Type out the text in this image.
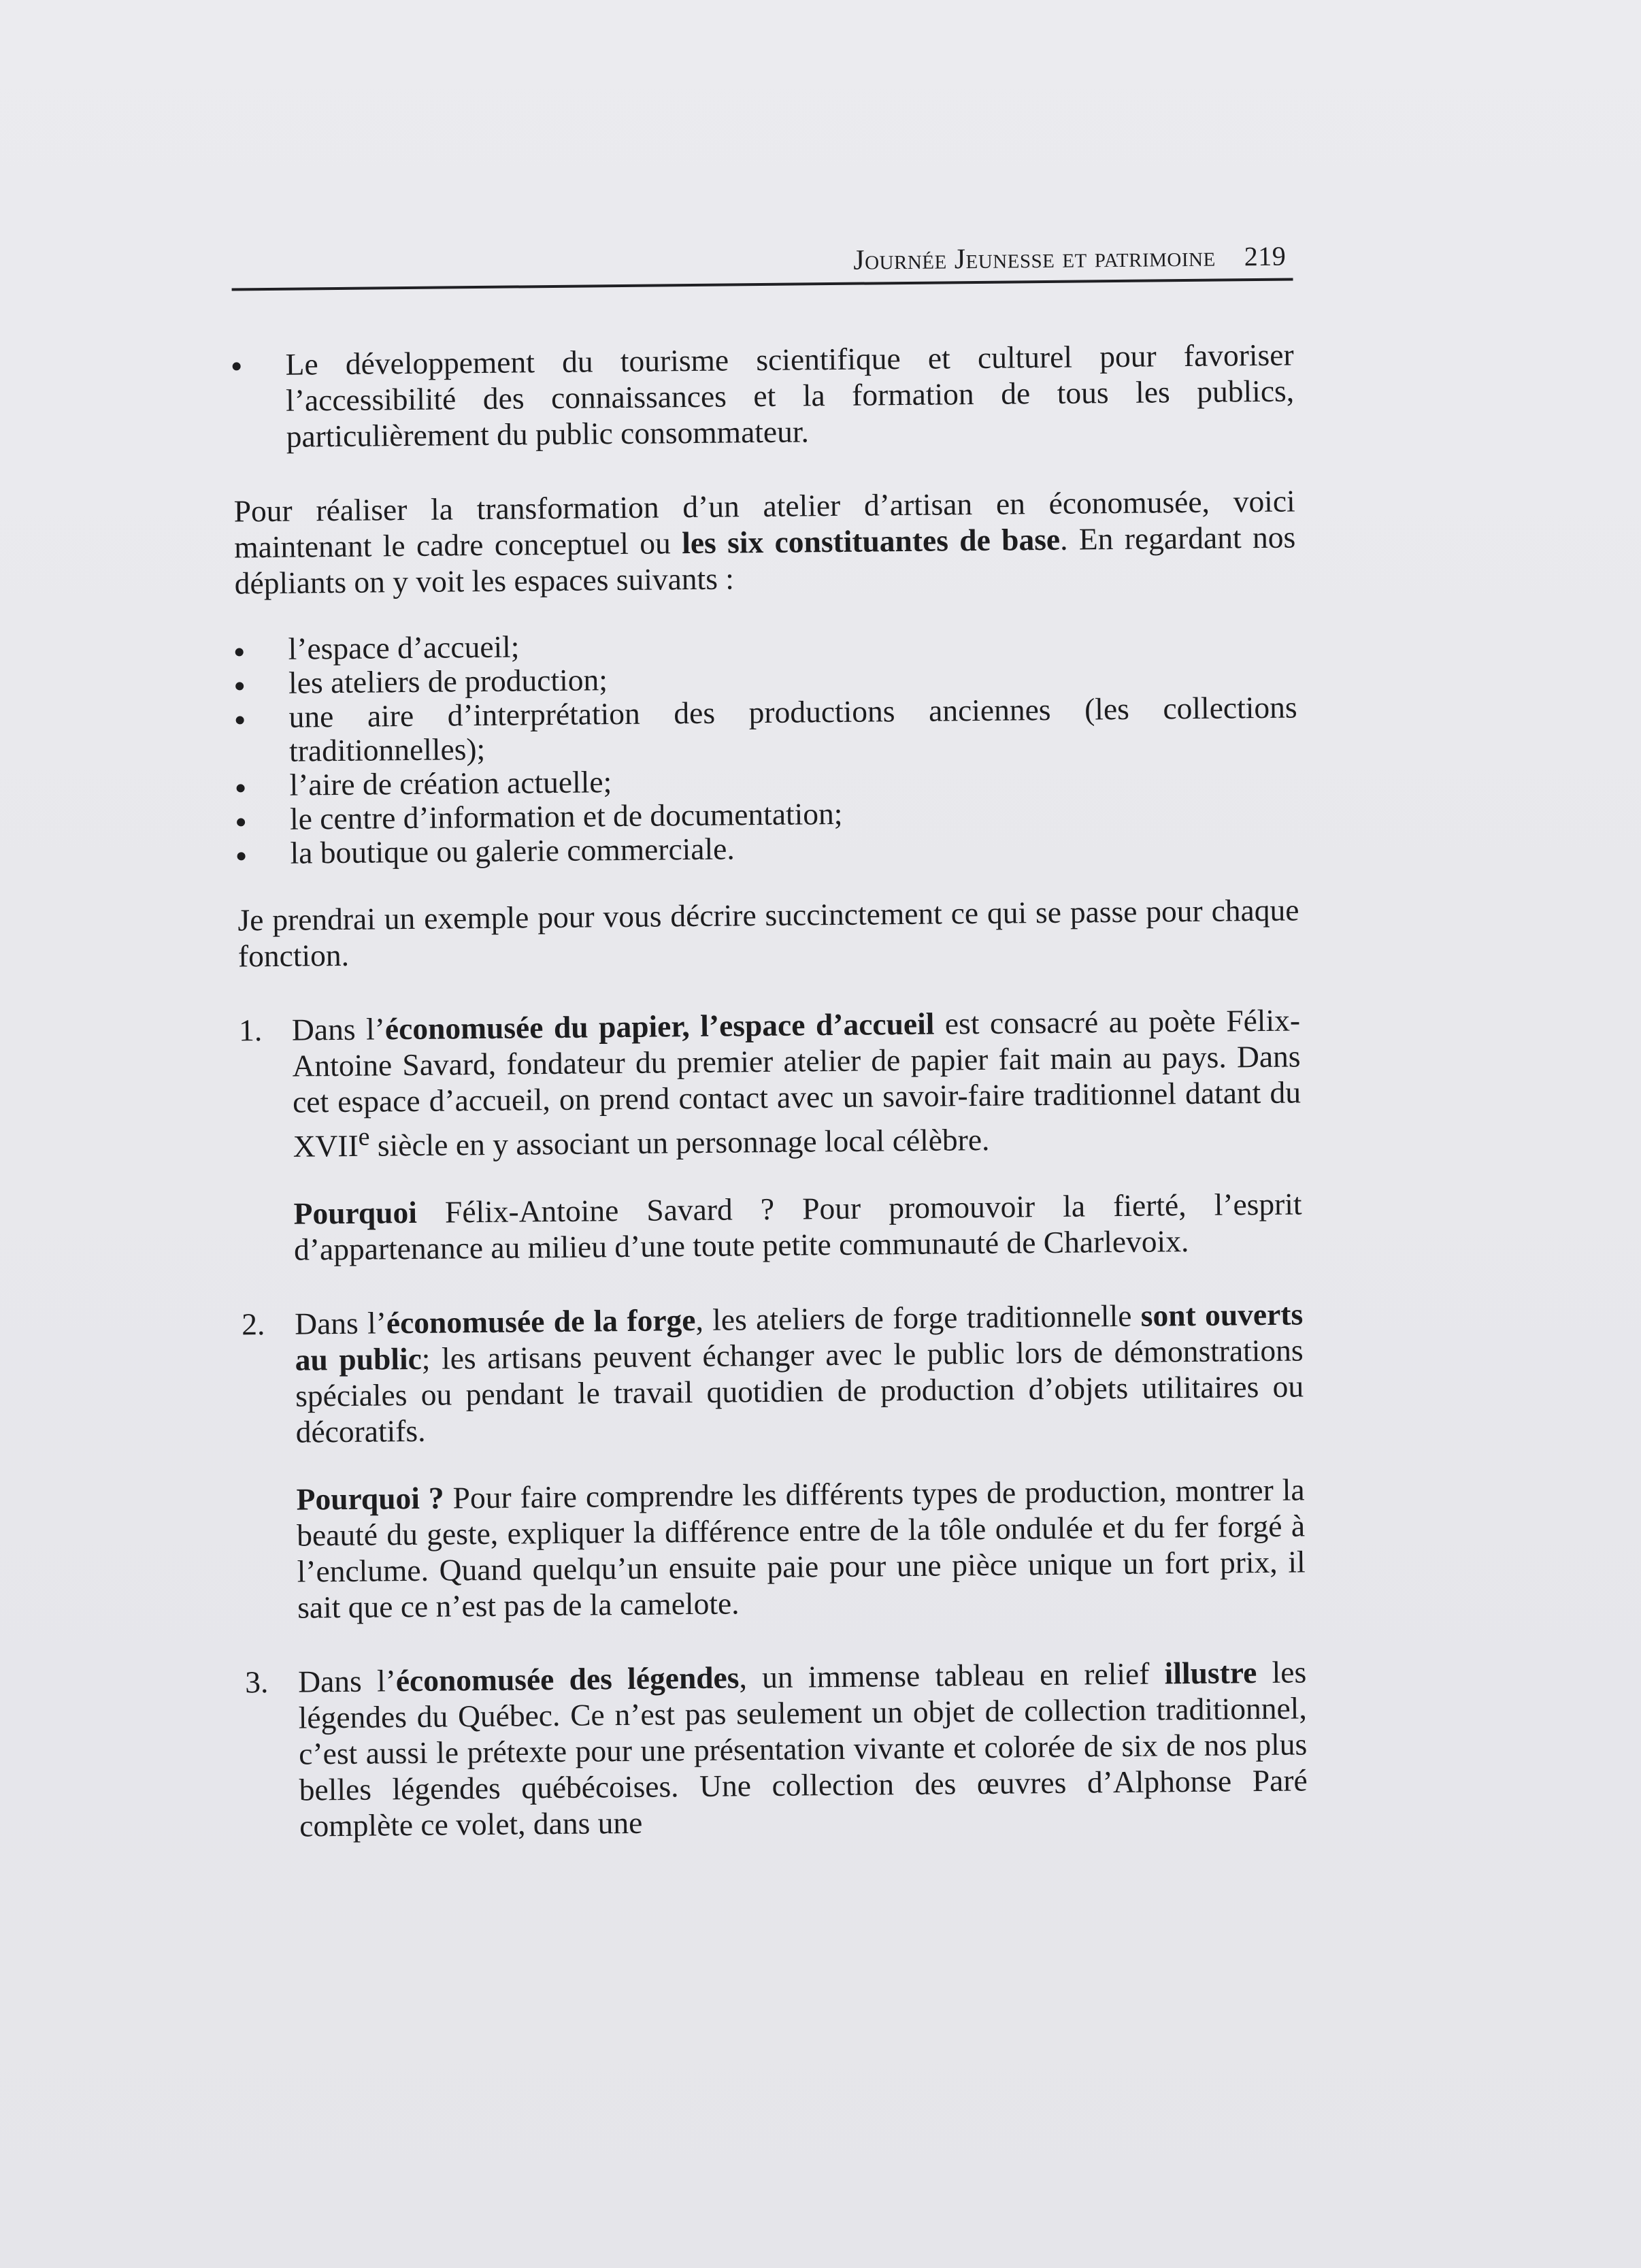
Journée Jeunesse et patrimoine 219
Le développement du tourisme scientifique et culturel pour favoriser l’accessibilité des connaissances et la formation de tous les publics, particulièrement du public consommateur.

Pour réaliser la transformation d’un atelier d’artisan en économusée, voici maintenant le cadre conceptuel ou les six constituantes de base. En regardant nos dépliants on y voit les espaces suivants :

l’espace d’accueil;
les ateliers de production;
une aire d’interprétation des productions anciennes (les collections traditionnelles);
l’aire de création actuelle;
le centre d’information et de documentation;
la boutique ou galerie commerciale.

Je prendrai un exemple pour vous décrire succinctement ce qui se passe pour chaque fonction.

1. Dans l’économusée du papier, l’espace d’accueil est consacré au poète Félix-Antoine Savard, fondateur du premier atelier de papier fait main au pays. Dans cet espace d’accueil, on prend contact avec un savoir-faire traditionnel datant du XVIIe siècle en y associant un personnage local célèbre.

Pourquoi Félix-Antoine Savard ? Pour promouvoir la fierté, l’esprit d’appartenance au milieu d’une toute petite communauté de Charlevoix.

2. Dans l’économusée de la forge, les ateliers de forge traditionnelle sont ouverts au public; les artisans peuvent échanger avec le public lors de démonstrations spéciales ou pendant le travail quotidien de production d’objets utilitaires ou décoratifs.

Pourquoi ? Pour faire comprendre les différents types de production, montrer la beauté du geste, expliquer la différence entre de la tôle ondulée et du fer forgé à l’enclume. Quand quelqu’un ensuite paie pour une pièce unique un fort prix, il sait que ce n’est pas de la camelote.

3. Dans l’économusée des légendes, un immense tableau en relief illustre les légendes du Québec. Ce n’est pas seulement un objet de collection traditionnel, c’est aussi le prétexte pour une présentation vivante et colorée de six de nos plus belles légendes québécoises. Une collection des œuvres d’Alphonse Paré complète ce volet, dans une
